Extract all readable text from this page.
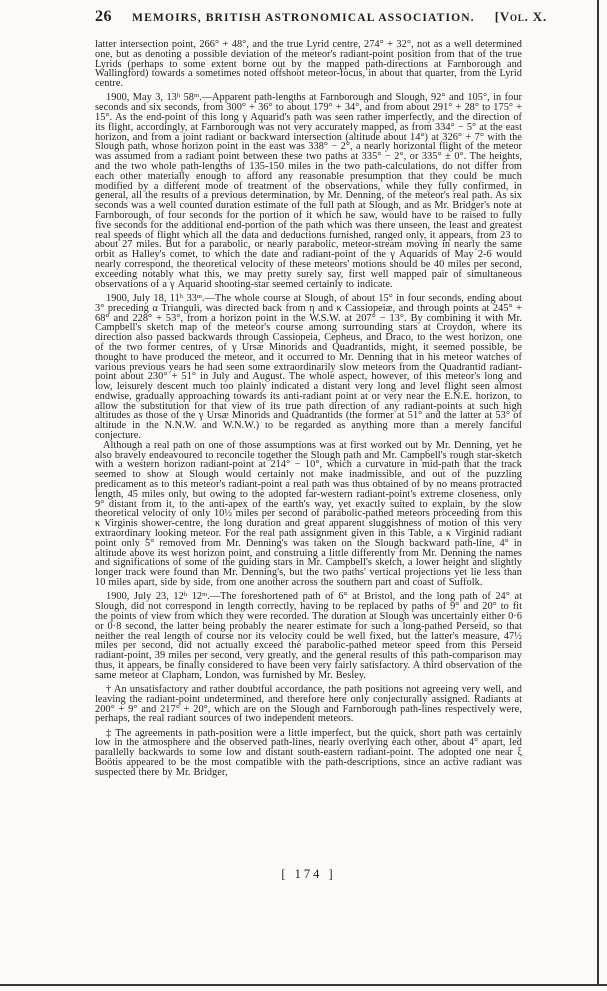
26	MEMOIRS, BRITISH ASTRONOMICAL ASSOCIATION.	[Vol. X.

latter intersection point, 266° + 48°, and the true Lyrid centre, 274° + 32°, not as a well determined one, but as denoting a possible deviation of the meteor's radiant-point position from that of the true Lyrids (perhaps to some extent borne out by the mapped path-directions at Farnborough and Wallingford) towards a sometimes noted offshoot meteor-focus, in about that quarter, from the Lyrid centre.

1900, May 3, 13ʰ 58ᵐ.—Apparent path-lengths at Farnborough and Slough, 92° and 105°, in four seconds and six seconds, from 300° + 36° to about 179° + 34°, and from about 291° + 28° to 175° + 15°. As the end-point of this long γ Aquarid's path was seen rather imperfectly, and the direction of its flight, accordingly, at Farnborough was not very accurately mapped, as from 334° − 5° at the east horizon, and from a joint radiant or backward intersection (altitude about 14°) at 326° + 7° with the Slough path, whose horizon point in the east was 338° − 2°, a nearly horizontal flight of the meteor was assumed from a radiant point between these two paths at 335° − 2°, or 335° ± 0°. The heights, and the two whole path-lengths of 135-150 miles in the two path-calculations, do not differ from each other materially enough to afford any reasonable presumption that they could be much modified by a different mode of treatment of the observations, while they fully confirmed, in general, all the results of a previous determination, by Mr. Denning, of the meteor's real path. As six seconds was a well counted duration estimate of the full path at Slough, and as Mr. Bridger's note at Farnborough, of four seconds for the portion of it which he saw, would have to be raised to fully five seconds for the additional end-portion of the path which was there unseen, the least and greatest real speeds of flight which all the data and deductions furnished, ranged only, it appears, from 23 to about 27 miles. But for a parabolic, or nearly parabolic, meteor-stream moving in nearly the same orbit as Halley's comet, to which the date and radiant-point of the γ Aquarids of May 2-6 would nearly correspond, the theoretical velocity of these meteors' motions should be 40 miles per second, exceeding notably what this, we may pretty surely say, first well mapped pair of simultaneous observations of a γ Aquarid shooting-star seemed certainly to indicate.

1900, July 18, 11ʰ 33ᵐ.—The whole course at Slough, of about 15° in four seconds, ending about 3° preceding α Trianguli, was directed back from η and κ Cassiopeiæ, and through points at 245° + 68° and 228° + 53°, from a horizon point in the W.S.W. at 207° − 13°. By combining it with Mr. Campbell's sketch map of the meteor's course among surrounding stars at Croydon, where its direction also passed backwards through Cassiopeia, Cepheus, and Draco, to the west horizon, one of the two former centres, of γ Ursæ Minorids and Quadrantids, might, it seemed possible, be thought to have produced the meteor, and it occurred to Mr. Denning that in his meteor watches of various previous years he had seen some extraordinarily slow meteors from the Quadrantid radiant-point about 230° + 51° in July and August. The whole aspect, however, of this meteor's long and low, leisurely descent much too plainly indicated a distant very long and level flight seen almost endwise, gradually approaching towards its anti-radiant point at or very near the E.N.E. horizon, to allow the substitution for that view of its true path direction of any radiant-points at such high altitudes as those of the γ Ursæ Minorids and Quadrantids (the former at 51° and the latter at 53° of altitude in the N.N.W. and W.N.W.) to be regarded as anything more than a merely fanciful conjecture.

Although a real path on one of those assumptions was at first worked out by Mr. Denning, yet he also bravely endeavoured to reconcile together the Slough path and Mr. Campbell's rough star-sketch with a western horizon radiant-point at 214° − 10°, which a curvature in mid-path that the track seemed to show at Slough would certainly not make inadmissible, and out of the puzzling predicament as to this meteor's radiant-point a real path was thus obtained of by no means protracted length, 45 miles only, but owing to the adopted far-western radiant-point's extreme closeness, only 9° distant from it, to the anti-apex of the earth's way, yet exactly suited to explain, by the slow theoretical velocity of only 10½ miles per second of parabolic-pathed meteors proceeding from this κ Virginis shower-centre, the long duration and great apparent sluggishness of motion of this very extraordinary looking meteor. For the real path assignment given in this Table, a κ Virginid radiant point only 5° removed from Mr. Denning's was taken on the Slough backward path-line, 4° in altitude above its west horizon point, and construing a little differently from Mr. Denning the names and significations of some of the guiding stars in Mr. Campbell's sketch, a lower height and slightly longer track were found than Mr. Denning's, but the two paths' vertical projections yet lie less than 10 miles apart, side by side, from one another across the southern part and coast of Suffolk.

1900, July 23, 12ʰ 12ᵐ.—The foreshortened path of 6° at Bristol, and the long path of 24° at Slough, did not correspond in length correctly, having to be replaced by paths of 9° and 20° to fit the points of view from which they were recorded. The duration at Slough was uncertainly either 0·6 or 0·8 second, the latter being probably the nearer estimate for such a long-pathed Perseid, so that neither the real length of course nor its velocity could be well fixed, but the latter's measure, 47½ miles per second, did not actually exceed the parabolic-pathed meteor speed from this Perseid radiant-point, 39 miles per second, very greatly, and the general results of this path-comparison may thus, it appears, be finally considered to have been very fairly satisfactory. A third observation of the same meteor at Clapham, London, was furnished by Mr. Besley.

† An unsatisfactory and rather doubtful accordance, the path positions not agreeing very well, and leaving the radiant-point undetermined, and therefore here only conjecturally assigned. Radiants at 200° + 9° and 217° + 20°, which are on the Slough and Farnborough path-lines respectively were, perhaps, the real radiant sources of two independent meteors.

‡ The agreements in path-position were a little imperfect, but the quick, short path was certainly low in the atmosphere and the observed path-lines, nearly overlying each other, about 4° apart, led parallelly backwards to some low and distant south-eastern radiant-point. The adopted one near ξ Boötis appeared to be the most compatible with the path-descriptions, since an active radiant was suspected there by Mr. Bridger,

[ 174 ]
